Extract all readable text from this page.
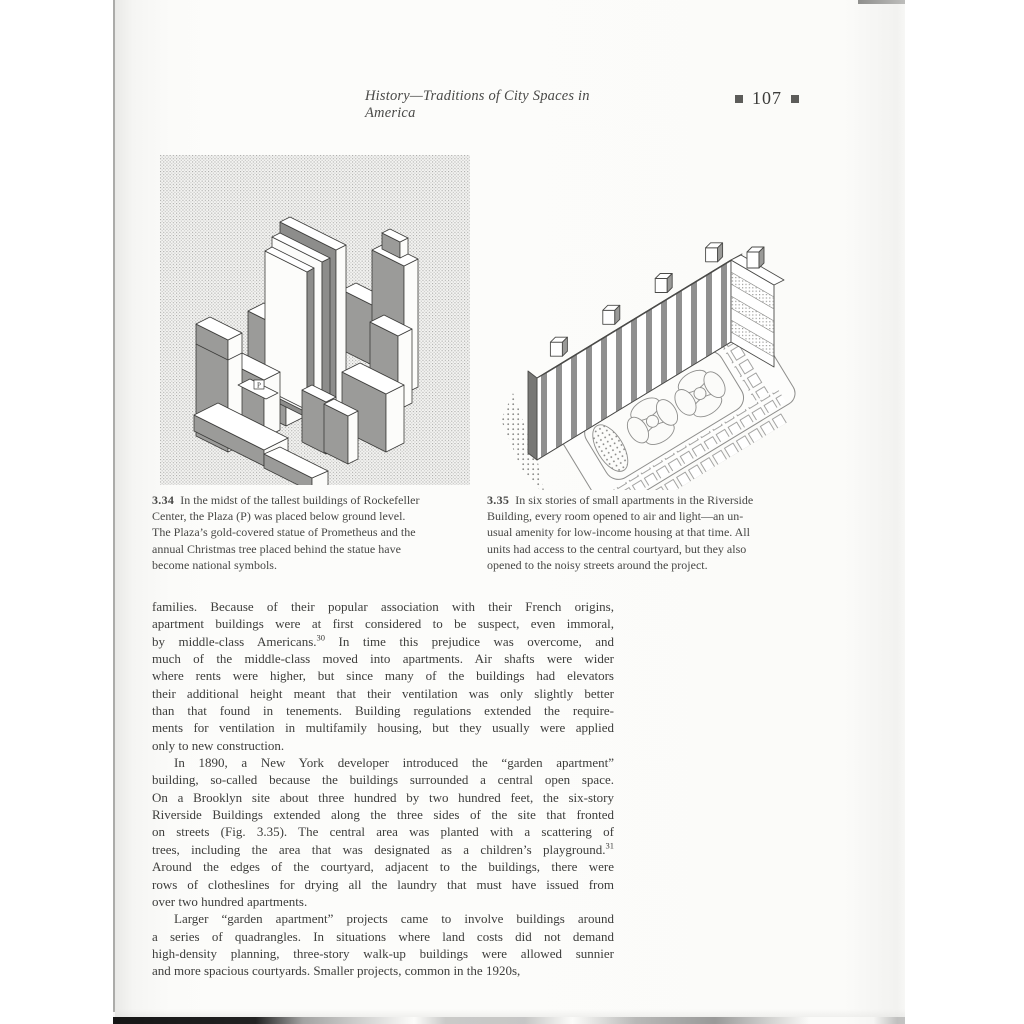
History—Traditions of City Spaces in America
107
P
3.34 In the midst of the tallest buildings of Rockefeller
Center, the Plaza (P) was placed below ground level.
The Plaza’s gold-covered statue of Prometheus and the
annual Christmas tree placed behind the statue have
become national symbols.
3.35 In six stories of small apartments in the Riverside
Building, every room opened to air and light—an un-
usual amenity for low-income housing at that time. All
units had access to the central courtyard, but they also
opened to the noisy streets around the project.
families. Because of their popular association with their French origins,
apartment buildings were at first considered to be suspect, even immoral,
by middle-class Americans.$^{30}$ In time this prejudice was overcome, and
much of the middle-class moved into apartments. Air shafts were wider
where rents were higher, but since many of the buildings had elevators
their additional height meant that their ventilation was only slightly better
than that found in tenements. Building regulations extended the require-
ments for ventilation in multifamily housing, but they usually were applied
only to new construction.
In 1890, a New York developer introduced the “garden apartment”
building, so-called because the buildings surrounded a central open space.
On a Brooklyn site about three hundred by two hundred feet, the six-story
Riverside Buildings extended along the three sides of the site that fronted
on streets (Fig. 3.35). The central area was planted with a scattering of
trees, including the area that was designated as a children’s playground.$^{31}$
Around the edges of the courtyard, adjacent to the buildings, there were
rows of clotheslines for drying all the laundry that must have issued from
over two hundred apartments.
Larger “garden apartment” projects came to involve buildings around
a series of quadrangles. In situations where land costs did not demand
high-density planning, three-story walk-up buildings were allowed sunnier
and more spacious courtyards. Smaller projects, common in the 1920s,
